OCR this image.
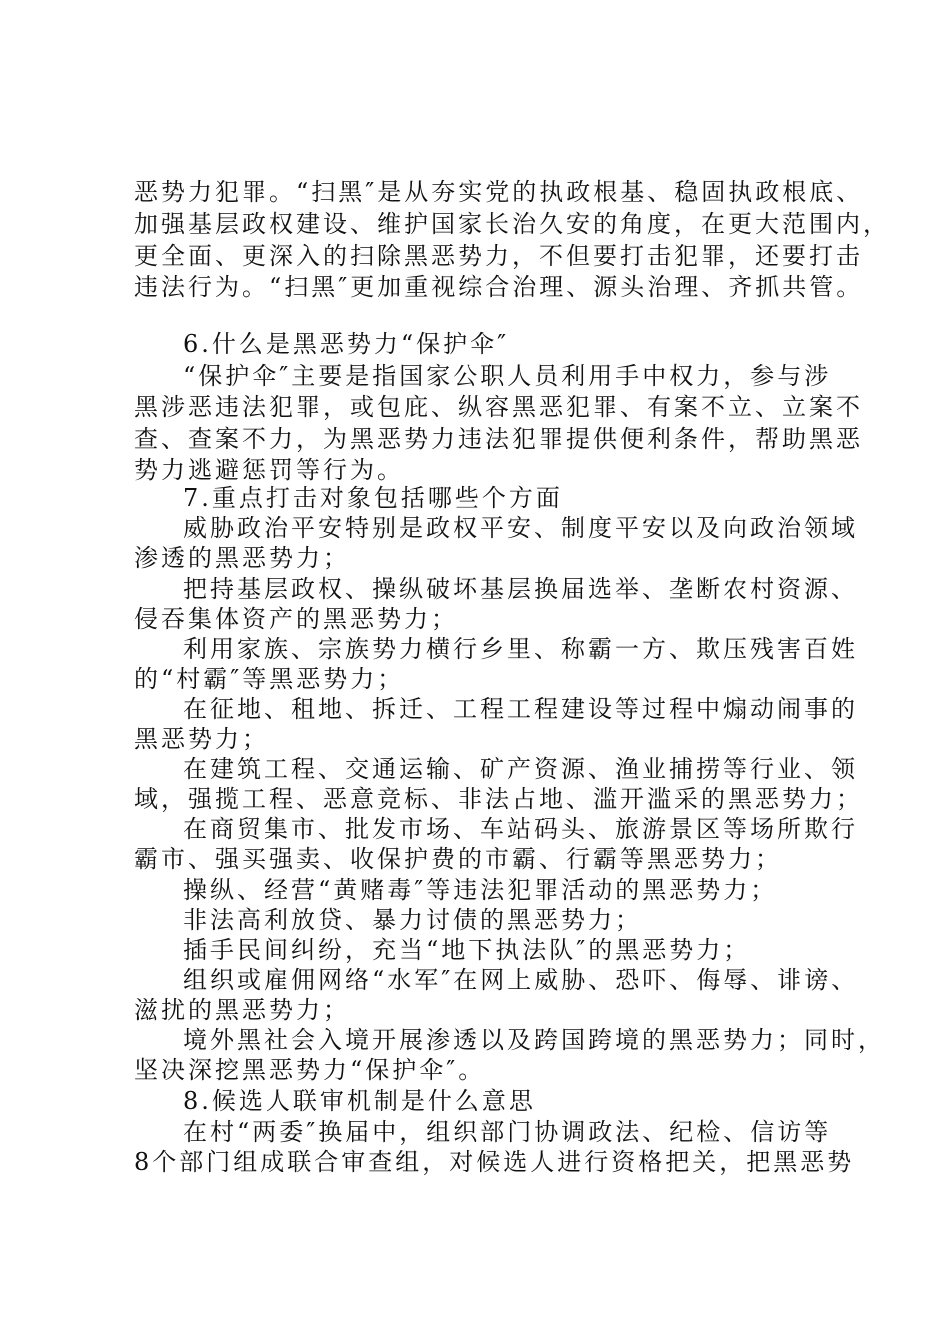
恶势力犯罪。“扫黑″是从夯实党的执政根基、稳固执政根底、
加强基层政权建设、维护国家长治久安的角度，在更大范围内，
更全面、更深入的扫除黑恶势力，不但要打击犯罪，还要打击
违法行为。“扫黑″更加重视综合治理、源头治理、齐抓共管。
6.什么是黑恶势力“保护伞″
“保护伞″主要是指国家公职人员利用手中权力，参与涉
黑涉恶违法犯罪，或包庇、纵容黑恶犯罪、有案不立、立案不
查、查案不力，为黑恶势力违法犯罪提供便利条件，帮助黑恶
势力逃避惩罚等行为。
7.重点打击对象包括哪些个方面
威胁政治平安特别是政权平安、制度平安以及向政治领域
渗透的黑恶势力；
把持基层政权、操纵破坏基层换届选举、垄断农村资源、
侵吞集体资产的黑恶势力；
利用家族、宗族势力横行乡里、称霸一方、欺压残害百姓
的“村霸″等黑恶势力；
在征地、租地、拆迁、工程工程建设等过程中煽动闹事的
黑恶势力；
在建筑工程、交通运输、矿产资源、渔业捕捞等行业、领
域，强揽工程、恶意竞标、非法占地、滥开滥采的黑恶势力；
在商贸集市、批发市场、车站码头、旅游景区等场所欺行
霸市、强买强卖、收保护费的市霸、行霸等黑恶势力；
操纵、经营“黄赌毒″等违法犯罪活动的黑恶势力；
非法高利放贷、暴力讨债的黑恶势力；
插手民间纠纷，充当“地下执法队″的黑恶势力；
组织或雇佣网络“水军″在网上威胁、恐吓、侮辱、诽谤、
滋扰的黑恶势力；
境外黑社会入境开展渗透以及跨国跨境的黑恶势力；同时，
坚决深挖黑恶势力“保护伞″。
8.候选人联审机制是什么意思
在村“两委″换届中，组织部门协调政法、纪检、信访等
8个部门组成联合审查组，对候选人进行资格把关，把黑恶势
